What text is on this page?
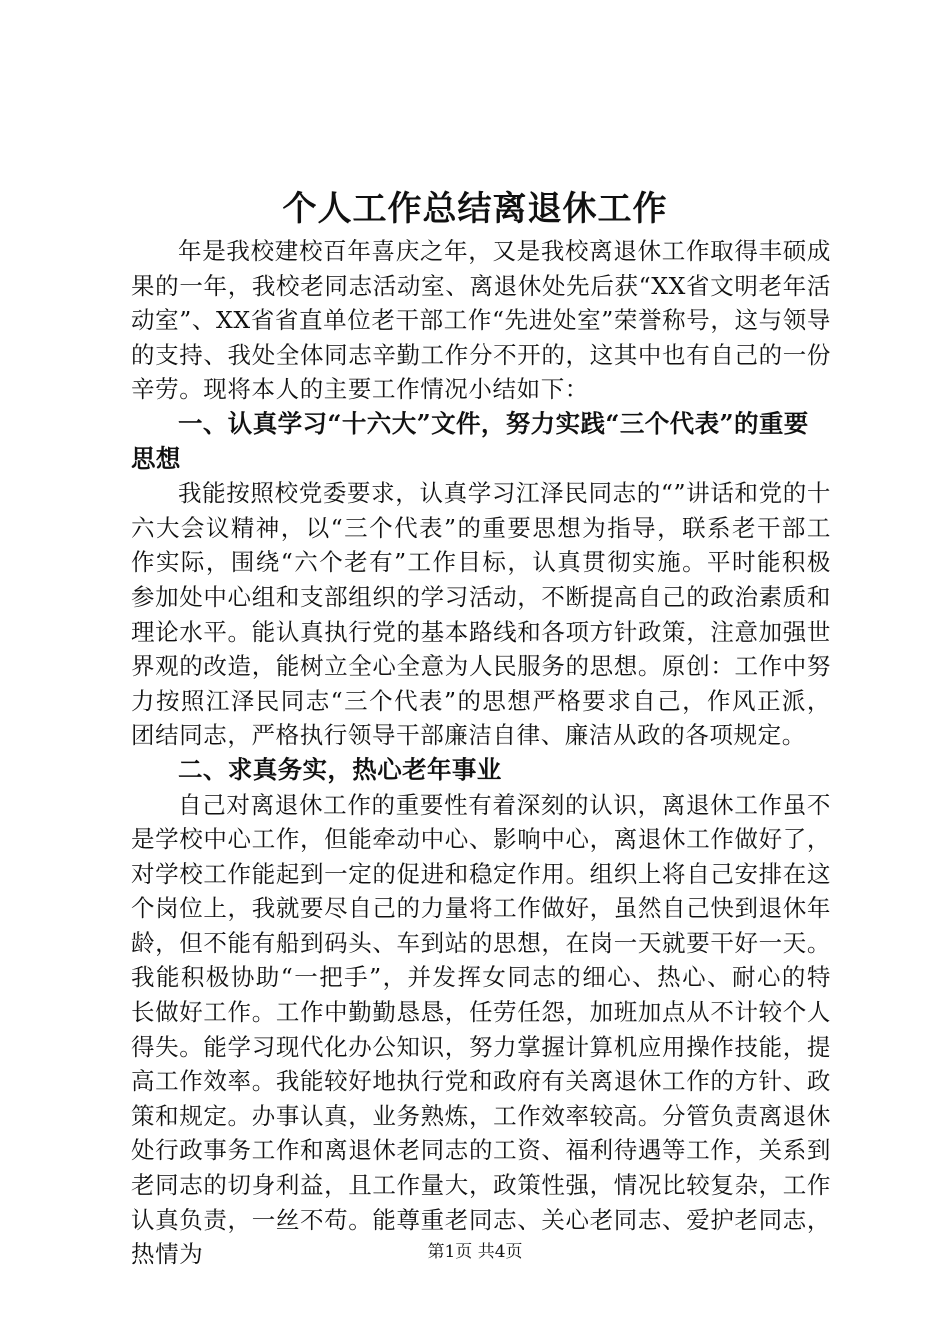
个人工作总结离退休工作

年是我校建校百年喜庆之年，又是我校离退休工作取得丰硕成果的一年，我校老同志活动室、离退休处先后获“XX省文明老年活动室”、XX省省直单位老干部工作“先进处室”荣誉称号，这与领导的支持、我处全体同志辛勤工作分不开的，这其中也有自己的一份辛劳。现将本人的主要工作情况小结如下：

一、认真学习“十六大”文件，努力实践“三个代表”的重要思想

我能按照校党委要求，认真学习江泽民同志的“”讲话和党的十六大会议精神，以“三个代表”的重要思想为指导，联系老干部工作实际，围绕“六个老有”工作目标，认真贯彻实施。平时能积极参加处中心组和支部组织的学习活动，不断提高自己的政治素质和理论水平。能认真执行党的基本路线和各项方针政策，注意加强世界观的改造，能树立全心全意为人民服务的思想。原创：工作中努力按照江泽民同志“三个代表”的思想严格要求自己，作风正派，团结同志，严格执行领导干部廉洁自律、廉洁从政的各项规定。

二、求真务实，热心老年事业

自己对离退休工作的重要性有着深刻的认识，离退休工作虽不是学校中心工作，但能牵动中心、影响中心，离退休工作做好了，对学校工作能起到一定的促进和稳定作用。组织上将自己安排在这个岗位上，我就要尽自己的力量将工作做好，虽然自己快到退休年龄，但不能有船到码头、车到站的思想，在岗一天就要干好一天。我能积极协助“一把手”，并发挥女同志的细心、热心、耐心的特长做好工作。工作中勤勤恳恳，任劳任怨，加班加点从不计较个人得失。能学习现代化办公知识，努力掌握计算机应用操作技能，提高工作效率。我能较好地执行党和政府有关离退休工作的方针、政策和规定。办事认真，业务熟炼，工作效率较高。分管负责离退休处行政事务工作和离退休老同志的工资、福利待遇等工作，关系到老同志的切身利益，且工作量大，政策性强，情况比较复杂，工作认真负责，一丝不苟。能尊重老同志、关心老同志、爱护老同志，热情为	第1页 共4页
